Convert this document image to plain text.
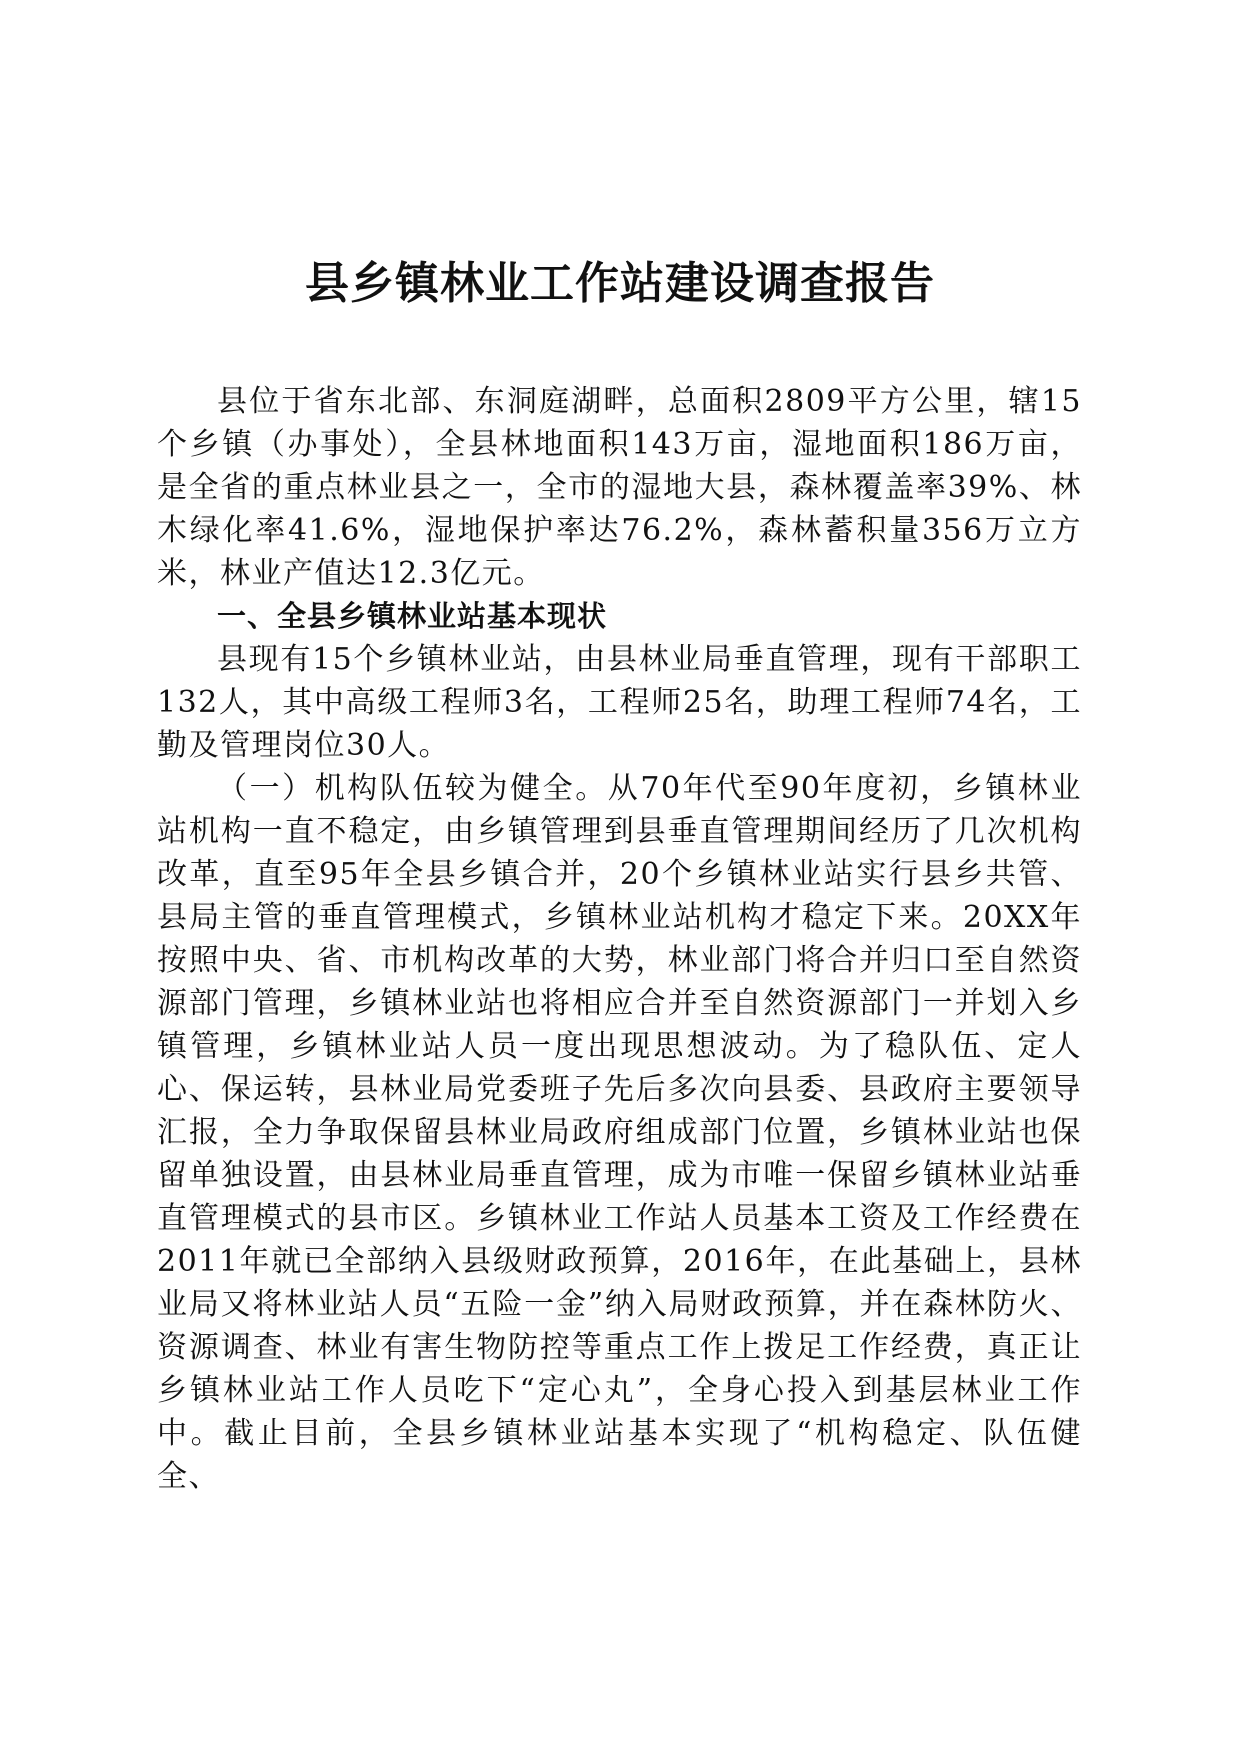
县乡镇林业工作站建设调查报告

县位于省东北部、东洞庭湖畔，总面积2809平方公里，辖15个乡镇（办事处），全县林地面积143万亩，湿地面积186万亩，是全省的重点林业县之一，全市的湿地大县，森林覆盖率39%、林木绿化率41.6%，湿地保护率达76.2%，森林蓄积量356万立方米，林业产值达12.3亿元。

一、全县乡镇林业站基本现状

县现有15个乡镇林业站，由县林业局垂直管理，现有干部职工132人，其中高级工程师3名，工程师25名，助理工程师74名，工勤及管理岗位30人。

（一）机构队伍较为健全。从70年代至90年度初，乡镇林业站机构一直不稳定，由乡镇管理到县垂直管理期间经历了几次机构改革，直至95年全县乡镇合并，20个乡镇林业站实行县乡共管、县局主管的垂直管理模式，乡镇林业站机构才稳定下来。20XX年按照中央、省、市机构改革的大势，林业部门将合并归口至自然资源部门管理，乡镇林业站也将相应合并至自然资源部门一并划入乡镇管理，乡镇林业站人员一度出现思想波动。为了稳队伍、定人心、保运转，县林业局党委班子先后多次向县委、县政府主要领导汇报，全力争取保留县林业局政府组成部门位置，乡镇林业站也保留单独设置，由县林业局垂直管理，成为市唯一保留乡镇林业站垂直管理模式的县市区。乡镇林业工作站人员基本工资及工作经费在2011年就已全部纳入县级财政预算，2016年，在此基础上，县林业局又将林业站人员“五险一金”纳入局财政预算，并在森林防火、资源调查、林业有害生物防控等重点工作上拨足工作经费，真正让乡镇林业站工作人员吃下“定心丸”，全身心投入到基层林业工作中。截止目前，全县乡镇林业站基本实现了“机构稳定、队伍健全、
